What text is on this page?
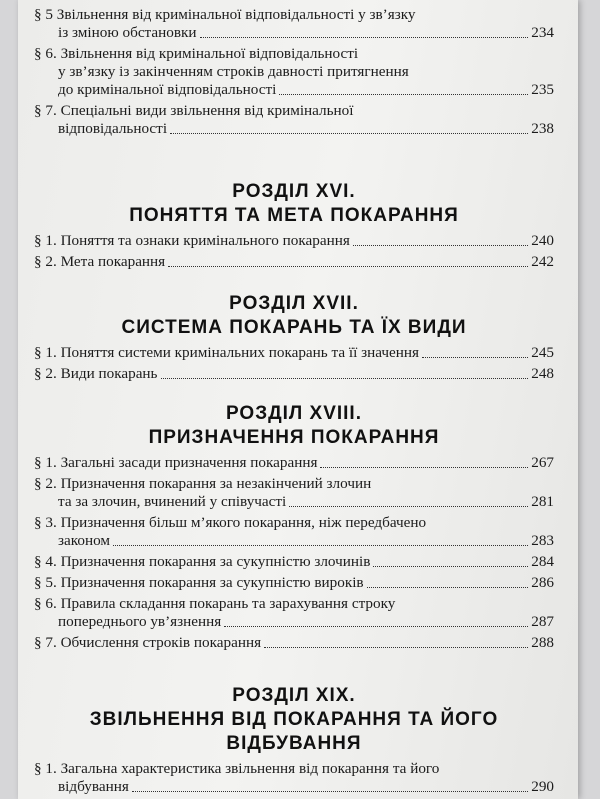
§ 5 Звільнення від кримінальної відповідальності у зв’язку
із зміною обстановки	234
§ 6. Звільнення від кримінальної відповідальності
у зв’язку із закінченням строків давності притягнення
до кримінальної відповідальності	235
§ 7. Спеціальні види звільнення від кримінальної
відповідальності	238
РОЗДІЛ XVI.
ПОНЯТТЯ ТА МЕТА ПОКАРАННЯ
§ 1. Поняття та ознаки кримінального покарання	240
§ 2. Мета покарання	242
РОЗДІЛ XVII.
СИСТЕМА ПОКАРАНЬ ТА ЇХ ВИДИ
§ 1. Поняття системи кримінальних покарань та її значення	245
§ 2. Види покарань	248
РОЗДІЛ XVIII.
ПРИЗНАЧЕННЯ ПОКАРАННЯ
§ 1. Загальні засади призначення покарання	267
§ 2. Призначення покарання за незакінчений злочин
та за злочин, вчинений у співучасті	281
§ 3. Призначення більш м’якого покарання, ніж передбачено
законом	283
§ 4. Призначення покарання за сукупністю злочинів	284
§ 5. Призначення покарання за сукупністю вироків	286
§ 6. Правила складання покарань та зарахування строку
попереднього ув’язнення	287
§ 7. Обчислення строків покарання	288
РОЗДІЛ XIX.
ЗВІЛЬНЕННЯ ВІД ПОКАРАННЯ ТА ЙОГО
ВІДБУВАННЯ
§ 1. Загальна характеристика звільнення від покарання та його
відбування	290
